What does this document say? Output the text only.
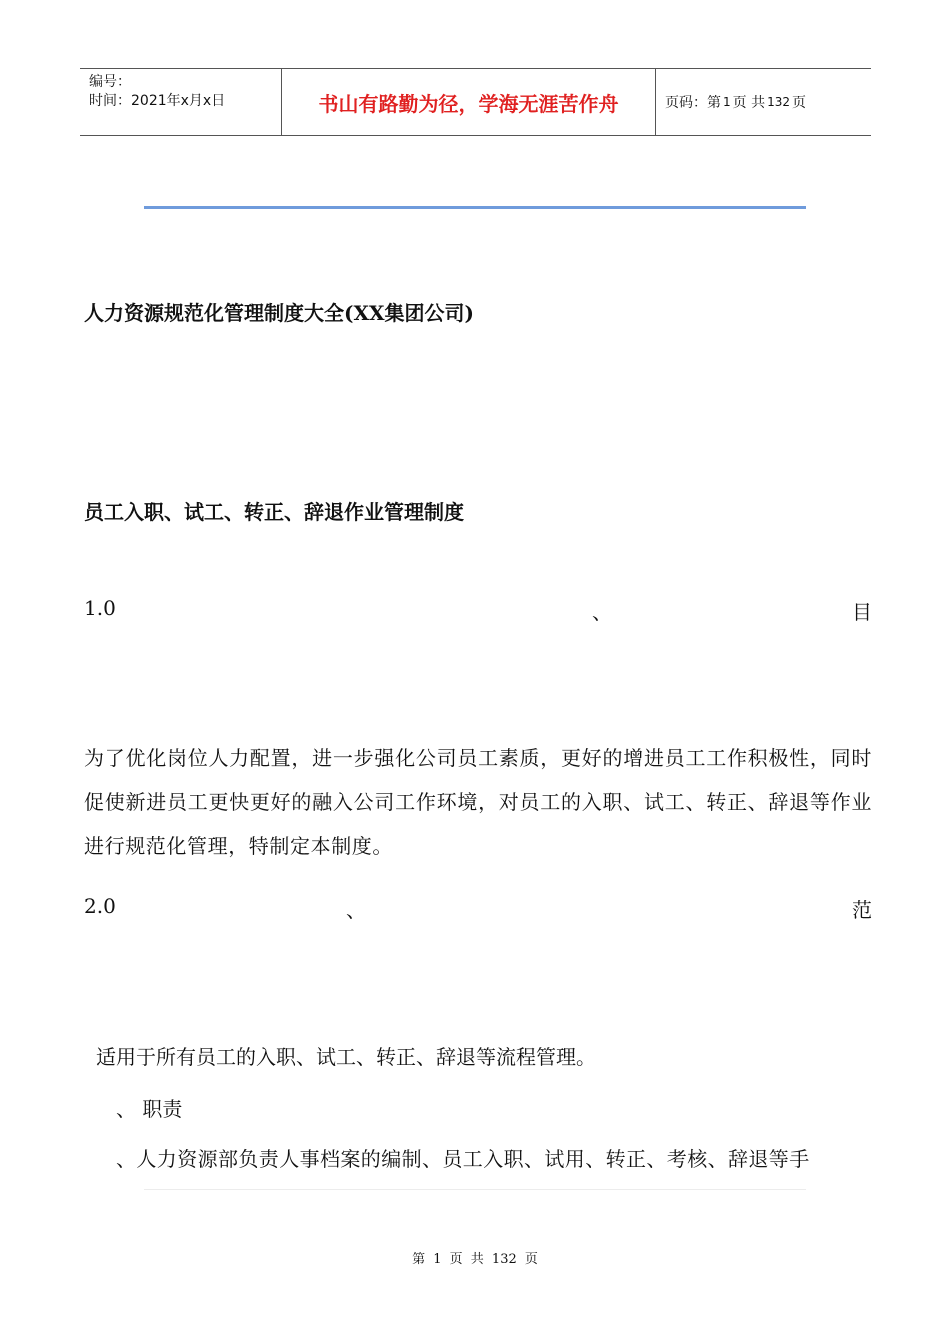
编号：
时间：2021年x月x日	书山有路勤为径，学海无涯苦作舟	页码：第 1 页 共 132 页
人力资源规范化管理制度大全(XX集团公司)
员工入职、试工、转正、辞退作业管理制度
1.0	、	目
为了优化岗位人力配置，进一步强化公司员工素质，更好的增进员工工作积极性，同时促使新进员工更快更好的融入公司工作环境，对员工的入职、试工、转正、辞退等作业进行规范化管理，特制定本制度。
2.0	、	范
适用于所有员工的入职、试工、转正、辞退等流程管理。
、 职责
、人力资源部负责人事档案的编制、员工入职、试用、转正、考核、辞退等手
第 1 页 共 132 页
